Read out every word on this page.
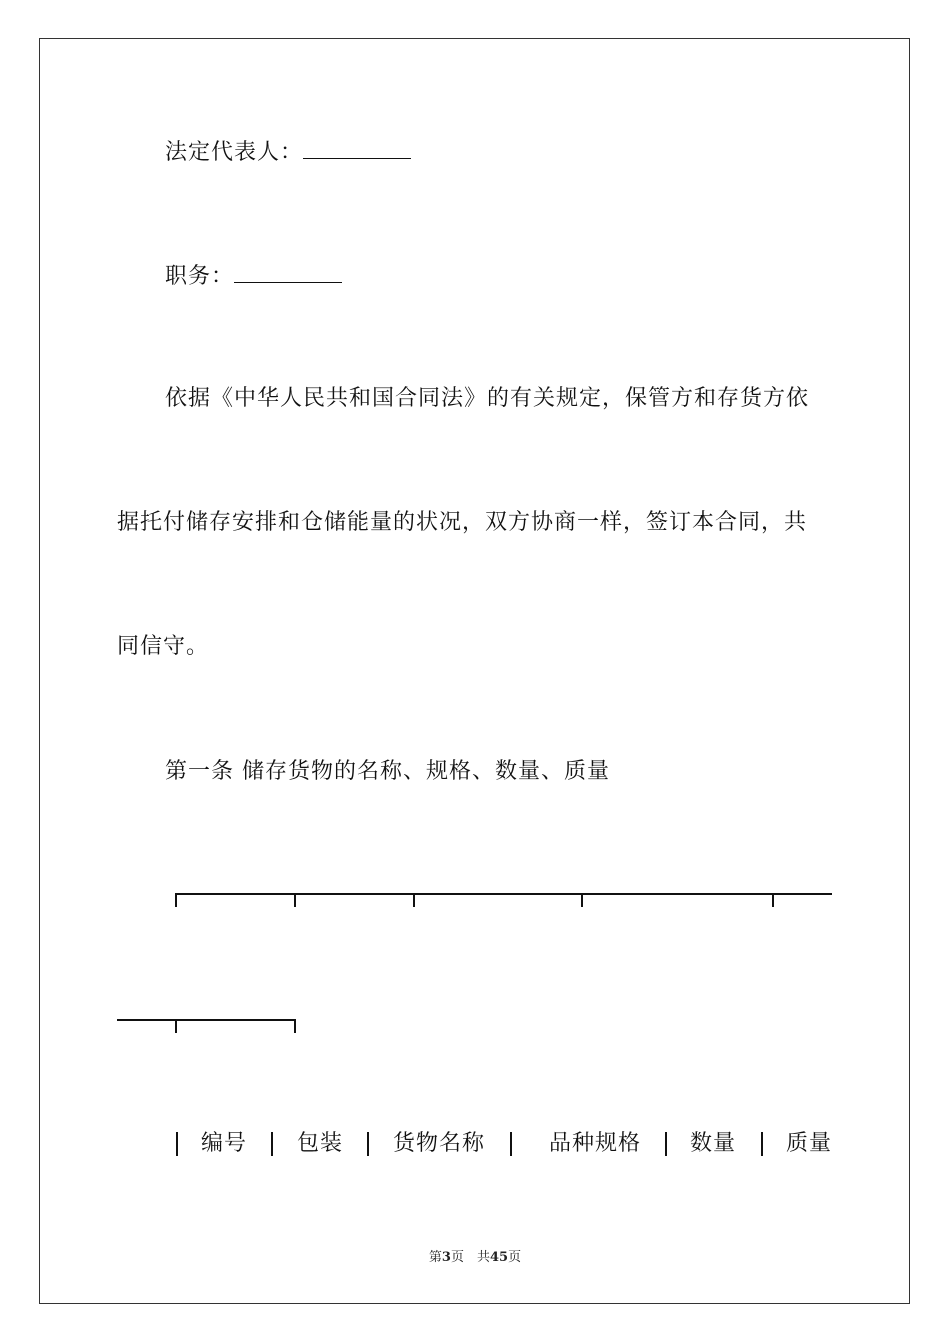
法定代表人：
职务：
依据《中华人民共和国合同法》的有关规定，保管方和存货方依
据托付储存安排和仓储能量的状况，双方协商一样，签订本合同，共
同信守。
第一条 储存货物的名称、规格、数量、质量
编号 包装 货物名称	品种规格 数量 质量
第3页　共45页
